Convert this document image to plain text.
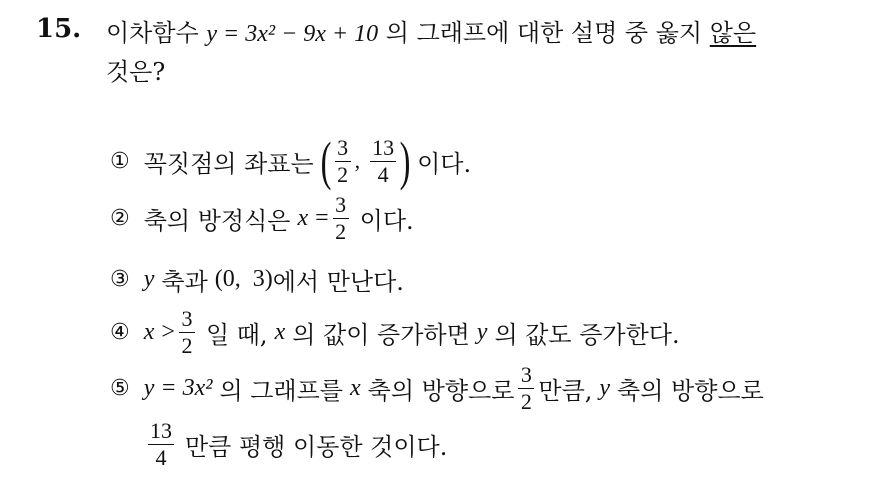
15. 이차함수 y = 3x² − 9x + 10 의 그래프에 대한 설명 중 옳지 않은
것은?
① 꼭짓점의 좌표는 ( $\frac{3}{2}$ , $\frac{13}{4}$ ) 이다.
② 축의 방정식은 $x = \frac{3}{2}$ 이다.
③ y 축과 (0,  3) 에서 만난다.
④ $x > \frac{3}{2}$ 일 때, x 의 값이 증가하면 y 의 값도 증가한다.
⑤ y = 3x² 의 그래프를 x 축의 방향으로 $\frac{3}{2}$ 만큼, y 축의 방향으로
$\frac{13}{4}$ 만큼 평행 이동한 것이다.
